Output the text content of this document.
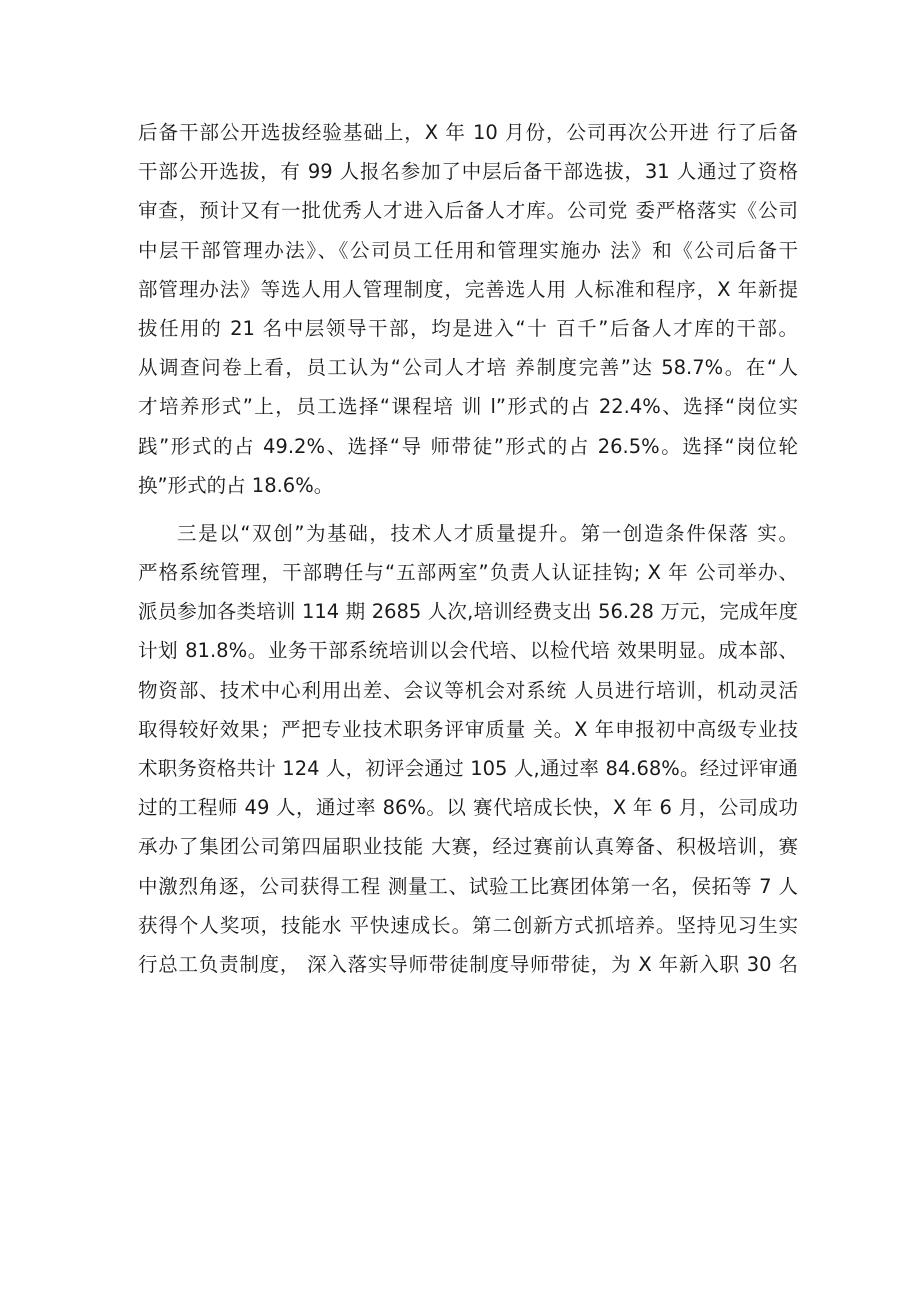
后备干部公开选拔经验基础上，X 年 10 月份，公司再次公开进 行了后备
干部公开选拔，有 99 人报名参加了中层后备干部选拔，31 人通过了资格
审查，预计又有一批优秀人才进入后备人才库。公司党 委严格落实《公司
中层干部管理办法》、《公司员工任用和管理实施办 法》和《公司后备干
部管理办法》等选人用人管理制度，完善选人用 人标准和程序，X 年新提
拔任用的 21 名中层领导干部，均是进入“十 百千”后备人才库的干部。
从调查问卷上看，员工认为“公司人才培 养制度完善”达 58.7%。在“人
才培养形式”上，员工选择“课程培 训 l”形式的占 22.4%、选择“岗位实
践”形式的占 49.2%、选择“导 师带徒”形式的占 26.5%。选择“岗位轮
换”形式的占 18.6%。
三是以“双创”为基础，技术人才质量提升。第一创造条件保落 实。
严格系统管理，干部聘任与“五部两室”负责人认证挂钩; X 年 公司举办、
派员参加各类培训 114 期 2685 人次,培训经费支出 56.28 万元，完成年度
计划 81.8%。业务干部系统培训以会代培、以检代培 效果明显。成本部、
物资部、技术中心利用出差、会议等机会对系统 人员进行培训，机动灵活
取得较好效果；严把专业技术职务评审质量 关。X 年申报初中高级专业技
术职务资格共计 124 人，初评会通过 105 人,通过率 84.68%。经过评审通
过的工程师 49 人，通过率 86%。以 赛代培成长快，X 年 6 月，公司成功
承办了集团公司第四届职业技能 大赛，经过赛前认真筹备、积极培训，赛
中激烈角逐，公司获得工程 测量工、试验工比赛团体第一名，侯拓等 7 人
获得个人奖项，技能水 平快速成长。第二创新方式抓培养。坚持见习生实
行总工负责制度， 深入落实导师带徒制度导师带徒，为 X 年新入职 30 名
